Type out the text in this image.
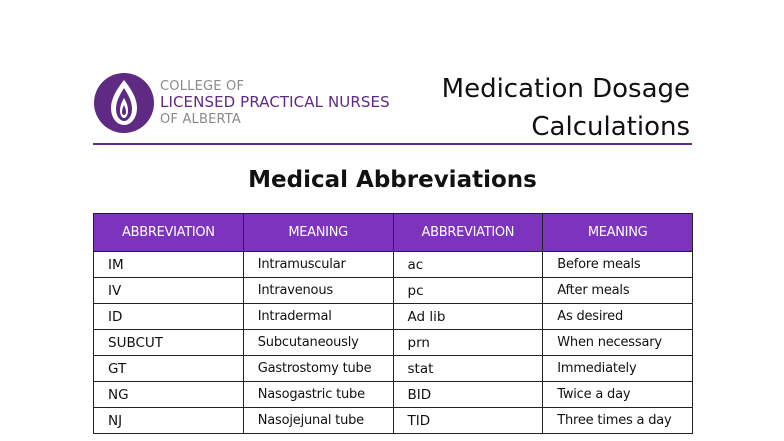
COLLEGE OF
LICENSED PRACTICAL NURSES
OF ALBERTA
Medication Dosage
Calculations
Medical Abbreviations
ABBREVIATION	MEANING	ABBREVIATION	MEANING
IM	Intramuscular	ac	Before meals
IV	Intravenous	pc	After meals
ID	Intradermal	Ad lib	As desired
SUBCUT	Subcutaneously	prn	When necessary
GT	Gastrostomy tube	stat	Immediately
NG	Nasogastric tube	BID	Twice a day
NJ	Nasojejunal tube	TID	Three times a day
